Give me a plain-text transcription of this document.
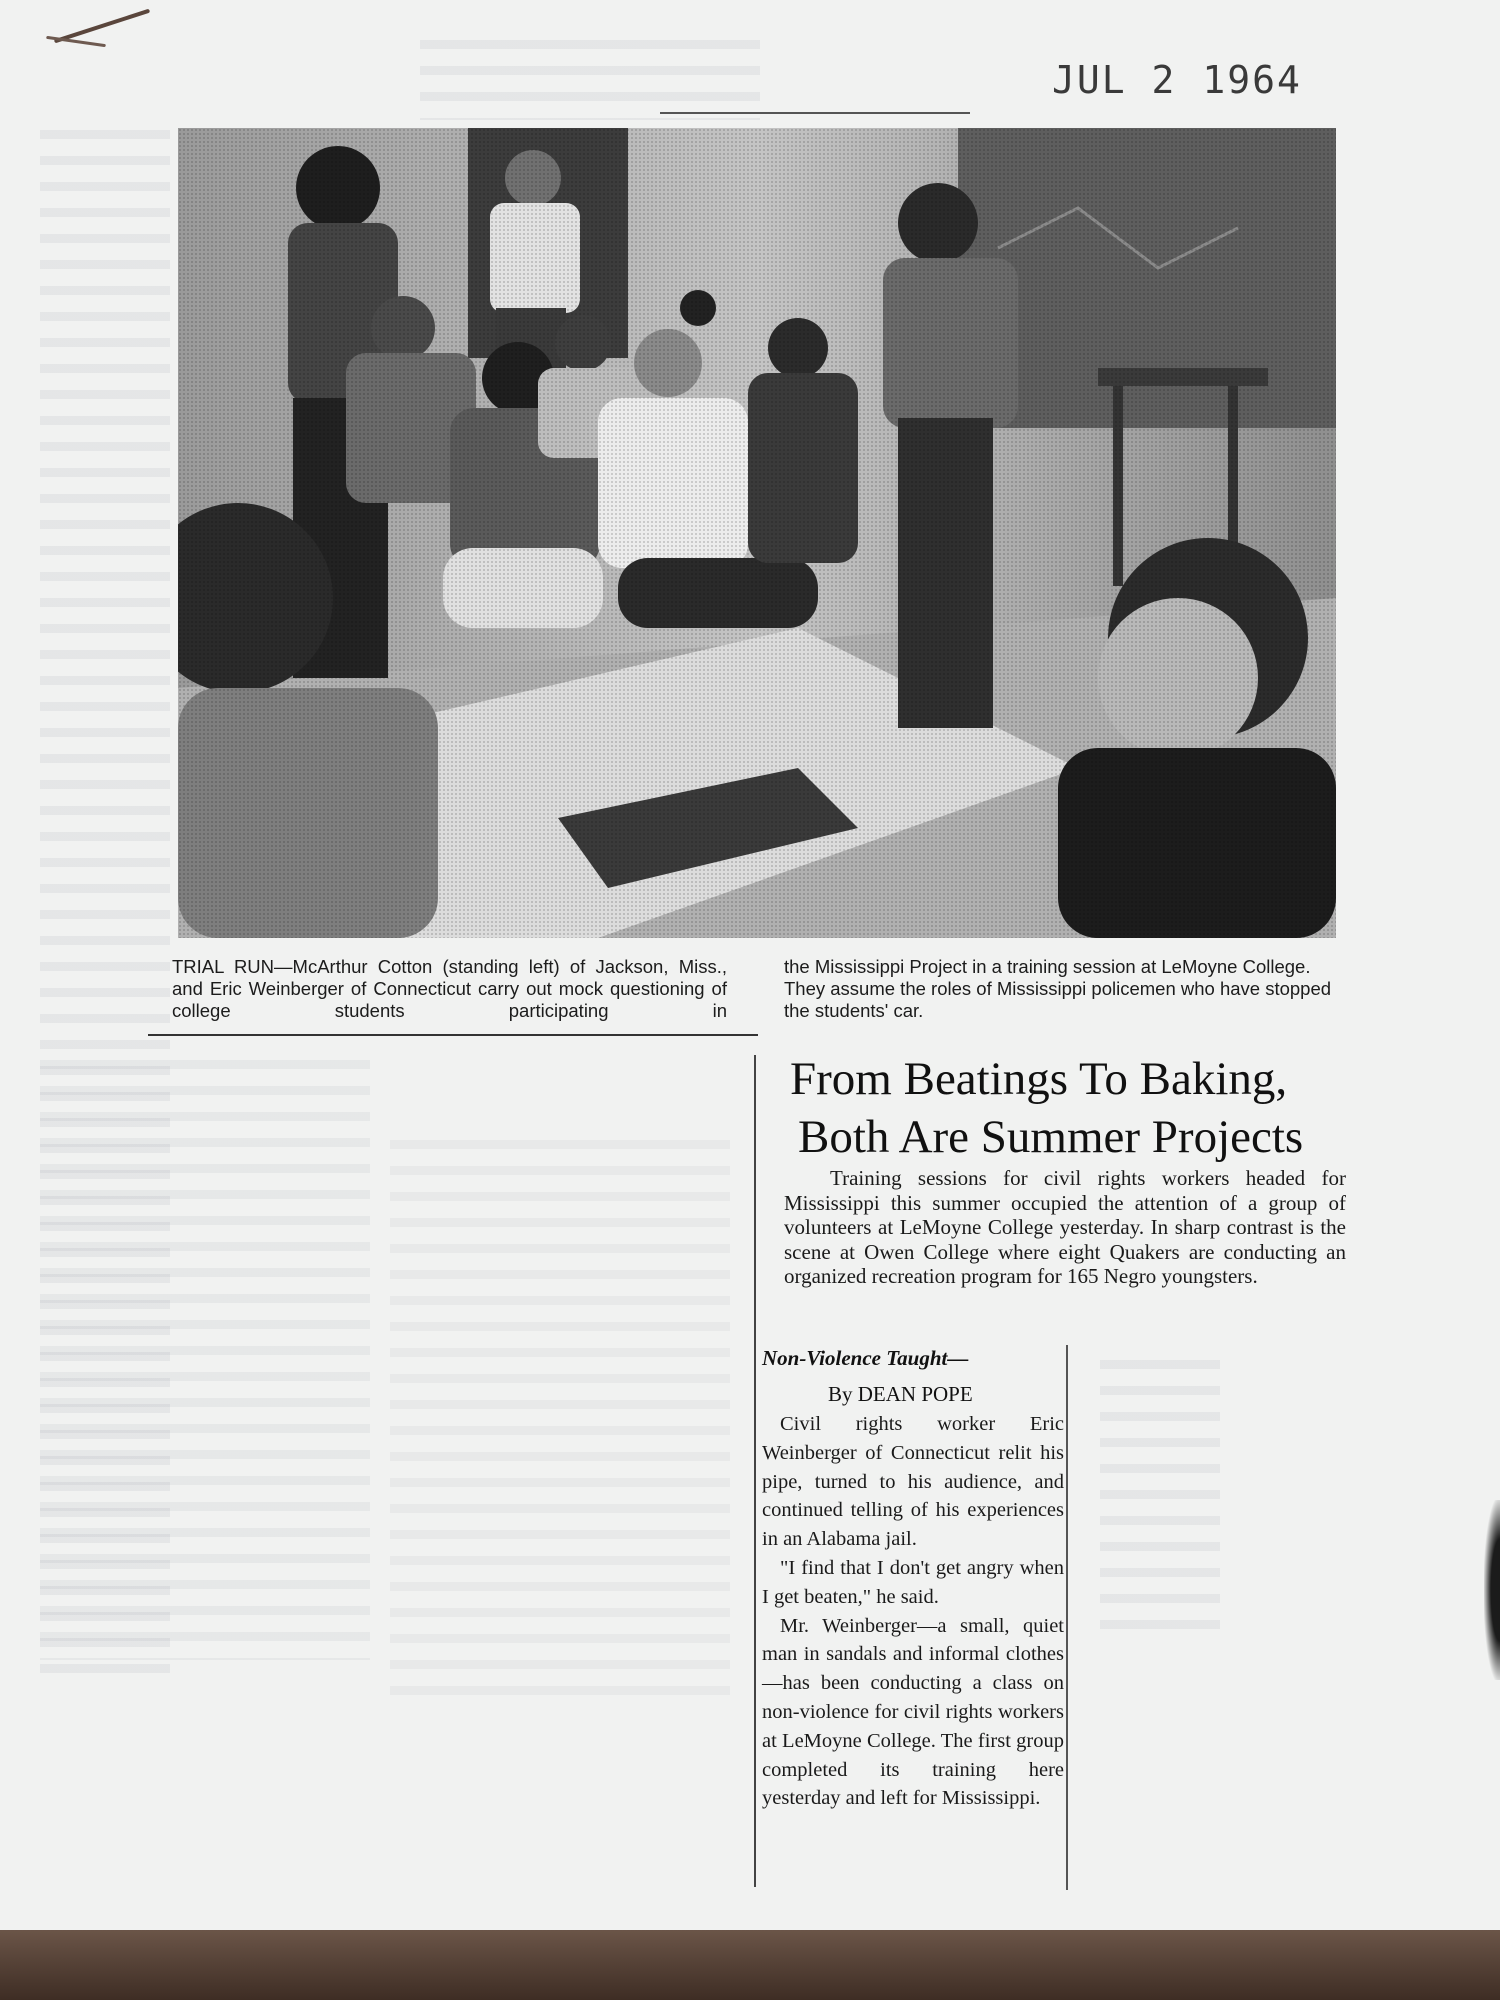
JUL 2 1964
TRIAL RUN—McArthur Cotton (standing left) of Jackson, Miss., and Eric Weinberger of Connecticut carry out mock questioning of college students participating in
the Mississippi Project in a training session at LeMoyne College. They assume the roles of Mississippi policemen who have stopped the students' car.
From Beatings To Baking,
Both Are Summer Projects
Training sessions for civil rights workers headed for Mississippi this summer occupied the attention of a group of volunteers at LeMoyne College yesterday. In sharp contrast is the scene at Owen College where eight Quakers are conducting an organized recreation program for 165 Negro youngsters.
Non-Violence Taught—
By DEAN POPE

Civil rights worker Eric Weinberger of Connecticut relit his pipe, turned to his audience, and continued telling of his experiences in an Alabama jail.

"I find that I don't get angry when I get beaten," he said.

Mr. Weinberger—a small, quiet man in sandals and informal clothes—has been conducting a class on non-violence for civil rights workers at LeMoyne College. The first group completed its training here yesterday and left for Mississippi.
